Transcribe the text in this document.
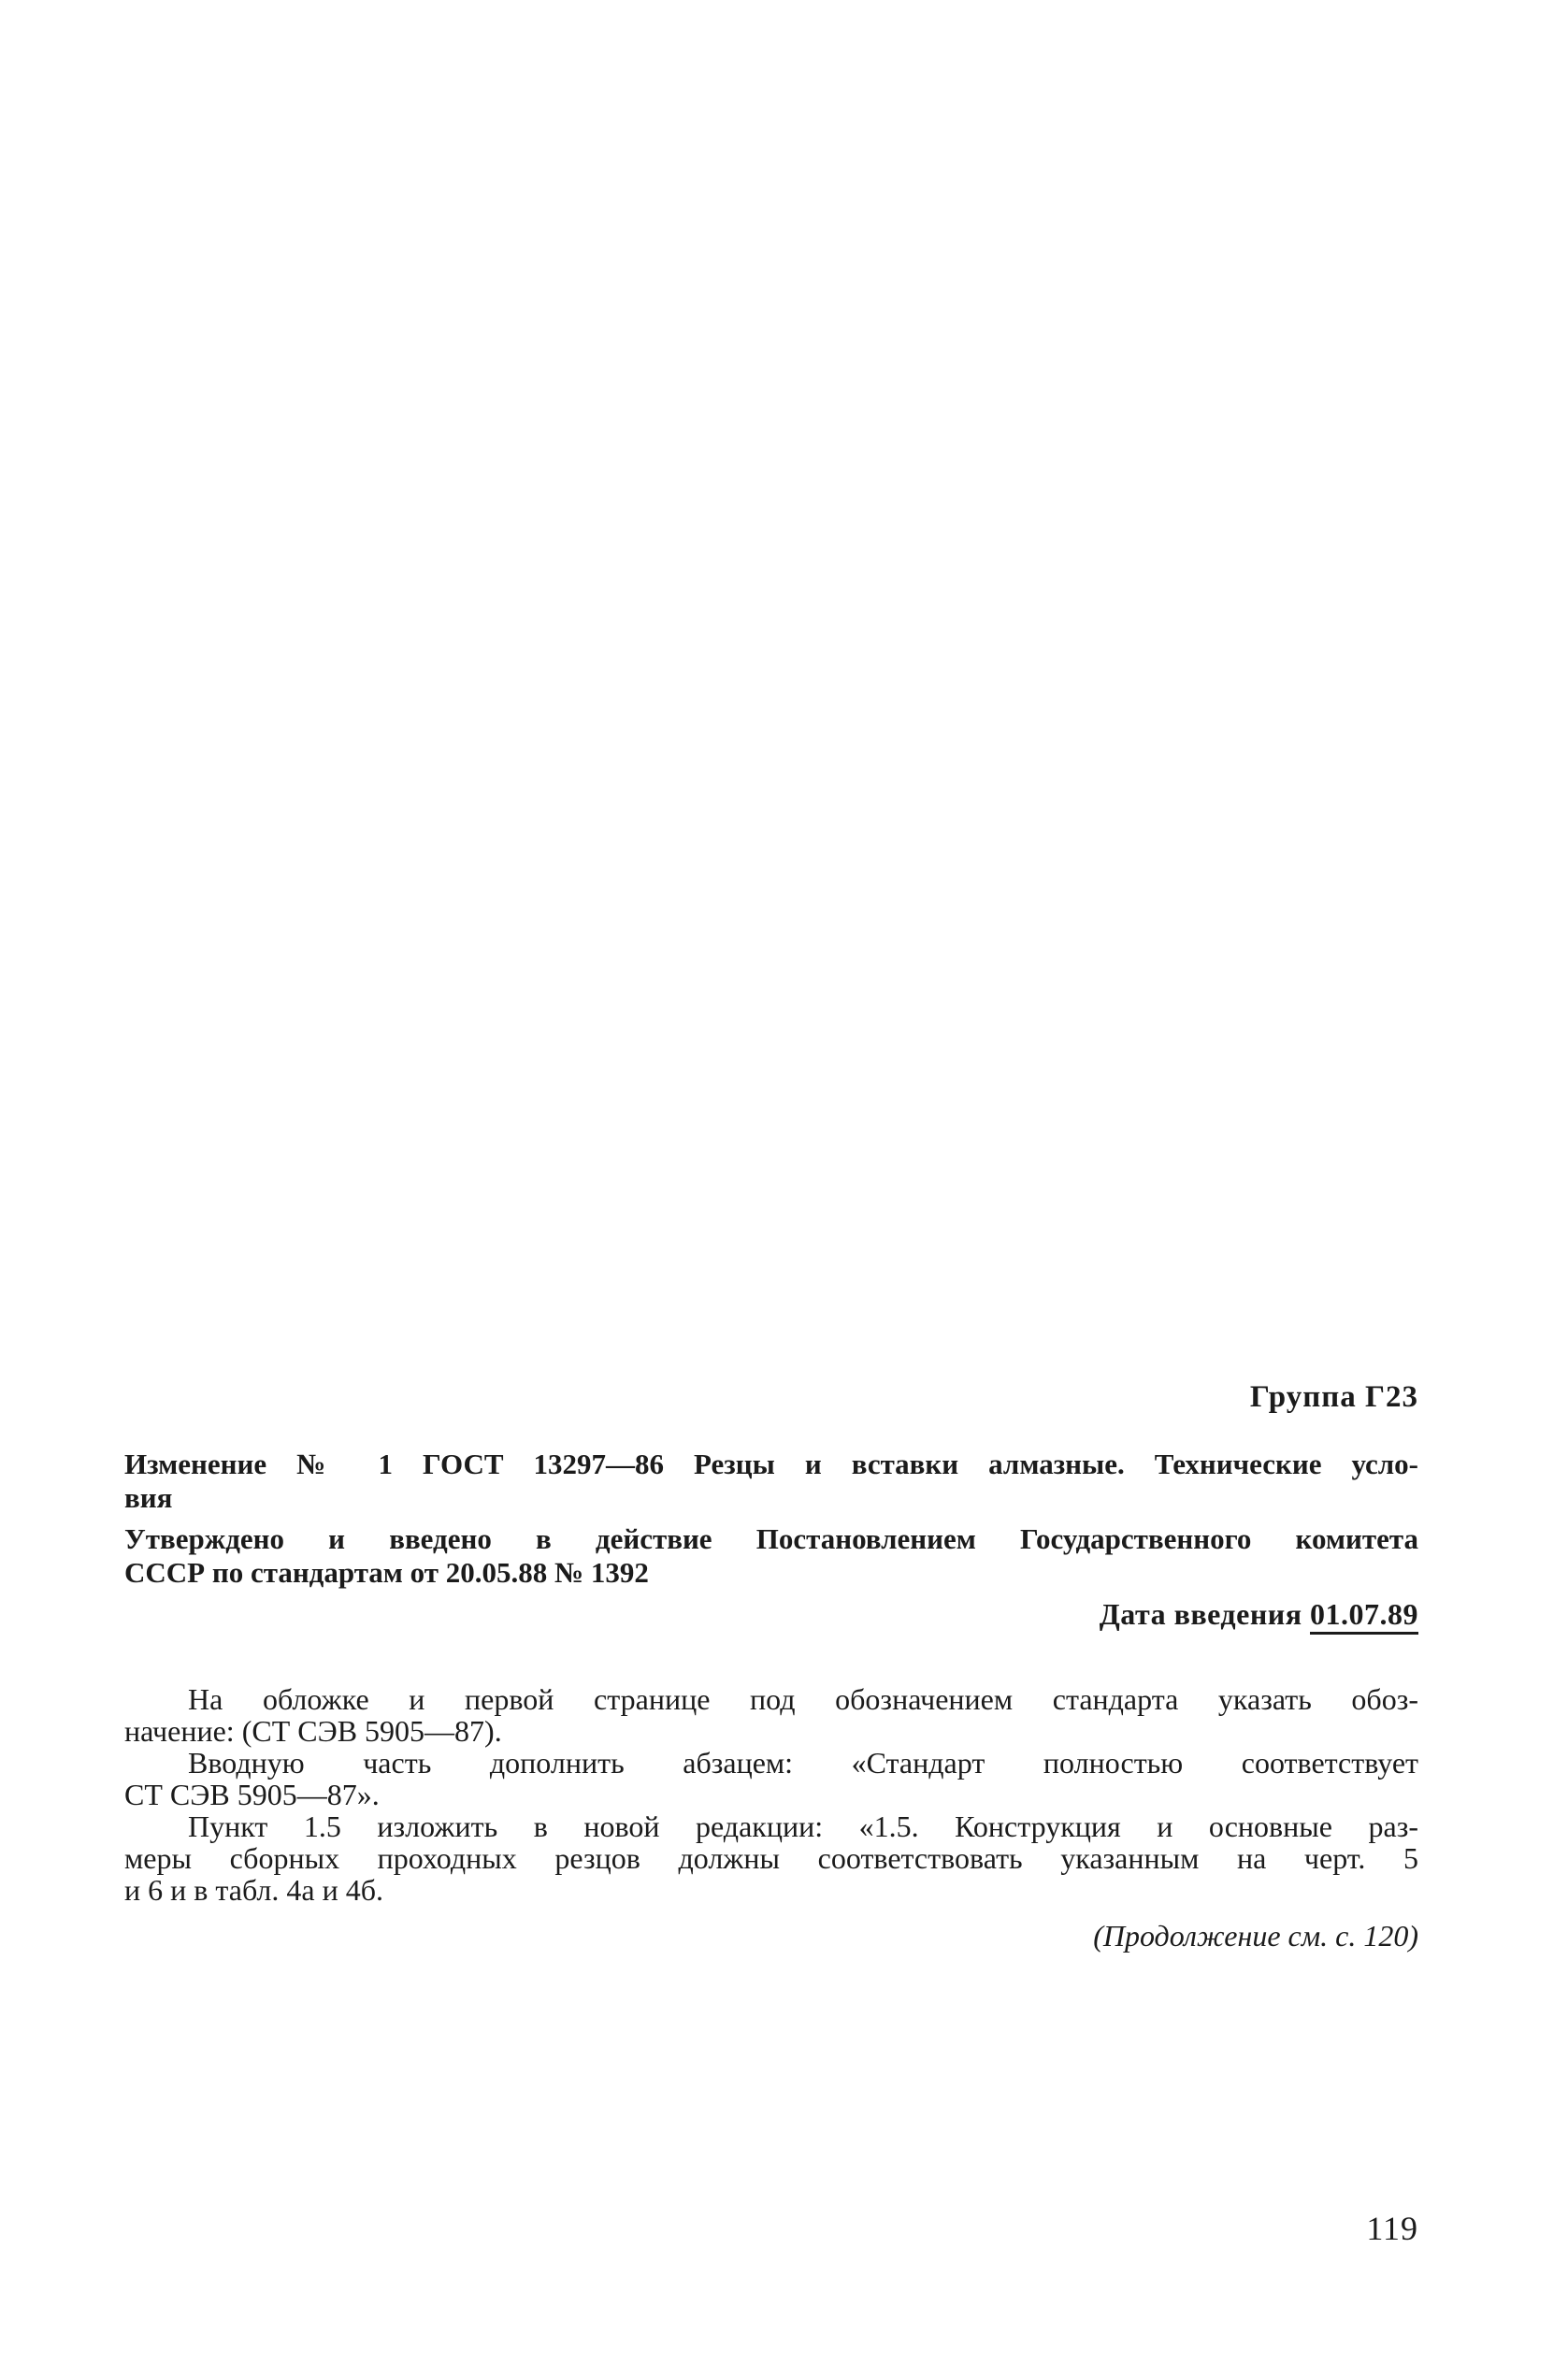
Группа Г23
Изменение № 1 ГОСТ 13297—86 Резцы и вставки алмазные. Технические усло-
вия
Утверждено и введено в действие Постановлением Государственного комитета
СССР по стандартам от 20.05.88 № 1392
Дата введения 01.07.89
На обложке и первой странице под обозначением стандарта указать обоз-
начение: (СТ СЭВ 5905—87).
Вводную часть дополнить абзацем: «Стандарт полностью соответствует
СТ СЭВ 5905—87».
Пункт 1.5 изложить в новой редакции: «1.5. Конструкция и основные раз-
меры сборных проходных резцов должны соответствовать указанным на черт. 5
и 6 и в табл. 4а и 4б.
(Продолжение см. с. 120)
119
